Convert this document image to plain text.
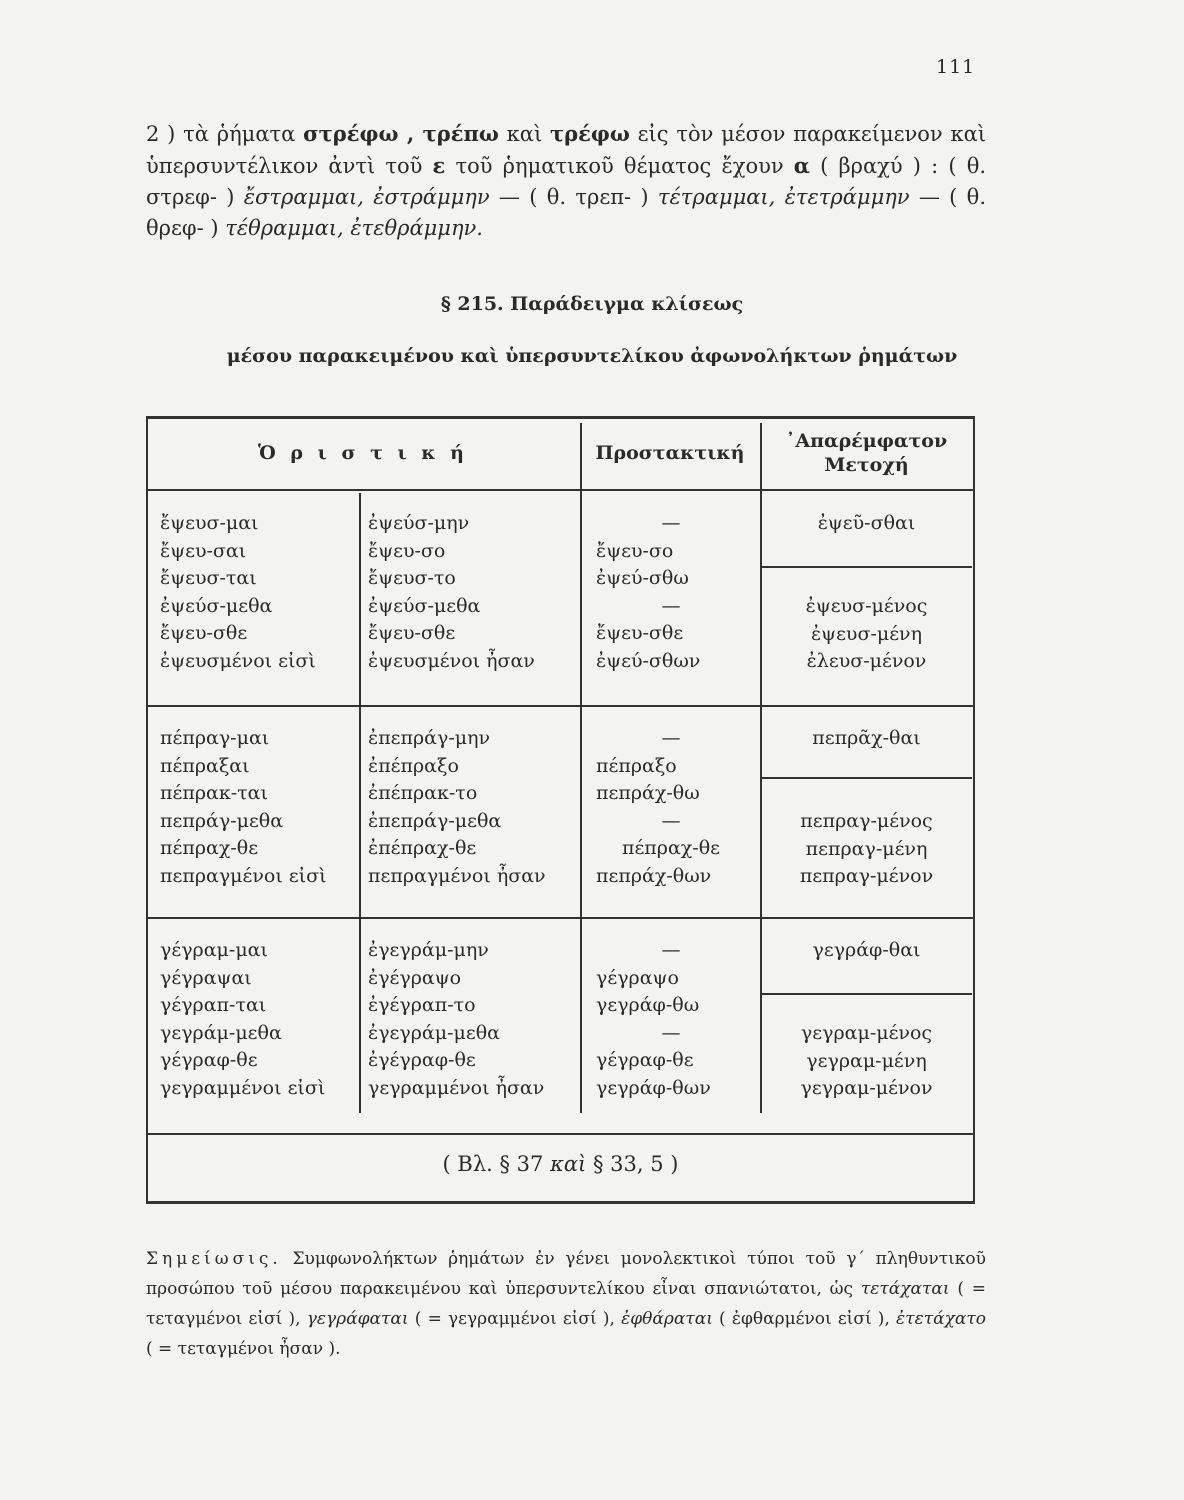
111

2 ) τὰ ῥήματα στρέφω , τρέπω καὶ τρέφω εἰς τὸν μέσον παρακείμενον καὶ ὑπερσυντέλικον ἀντὶ τοῦ ε τοῦ ῥηματικοῦ θέματος ἔχουν α ( βραχύ ) : ( θ. στρεφ- ) ἔστραμμαι, ἐστράμμην — ( θ. τρεπ- ) τέτραμμαι, ἐτετράμμην — ( θ. θρεφ- ) τέθραμμαι, ἐτεθράμμην.

§ 215. Παράδειγμα κλίσεως
μέσου παρακειμένου καὶ ὑπερσυντελίκου ἀφωνολήκτων ῥημάτων
Ὁ ρ ι σ τ ι κ ή	Προστακτική
᾿Απαρέμφατον
Μετοχή
ἔψευσ-μαι
ἔψευ-σαι
ἔψευσ-ται
ἐψεύσ-μεθα
ἔψευ-σθε
ἐψευσμένοι εἰσὶ
ἐψεύσ-μην
ἔψευ-σο
ἔψευσ-το
ἐψεύσ-μεθα
ἔψευ-σθε
ἐψευσμένοι ἦσαν
—
ἔψευ-σο
ἐψεύ-σθω
—
ἔψευ-σθε
ἐψεύ-σθων
ἐψεῦ-σθαι
ἐψευσ-μένος
ἐψευσ-μένη
ἐλευσ-μένον
πέπραγ-μαι
πέπραξαι
πέπρακ-ται
πεπράγ-μεθα
πέπραχ-θε
πεπραγμένοι εἰσὶ
ἐπεπράγ-μην
ἐπέπραξο
ἐπέπρακ-το
ἐπεπράγ-μεθα
ἐπέπραχ-θε
πεπραγμένοι ἦσαν
—
πέπραξο
πεπράχ-θω
—
πέπραχ-θε
πεπράχ-θων
πεπρᾶχ-θαι
πεπραγ-μένος
πεπραγ-μένη
πεπραγ-μένον
γέγραμ-μαι
γέγραψαι
γέγραπ-ται
γεγράμ-μεθα
γέγραφ-θε
γεγραμμένοι εἰσὶ
ἐγεγράμ-μην
ἐγέγραψο
ἐγέγραπ-το
ἐγεγράμ-μεθα
ἐγέγραφ-θε
γεγραμμένοι ἦσαν
—
γέγραψο
γεγράφ-θω
—
γέγραφ-θε
γεγράφ-θων
γεγράφ-θαι
γεγραμ-μένος
γεγραμ-μένη
γεγραμ-μένον
( Βλ. § 37 καὶ § 33, 5 )

Σημείωσις. Συμφωνολήκτων ῥημάτων ἐν γένει μονολεκτικοὶ τύποι τοῦ γ΄ πληθυντικοῦ προσώπου τοῦ μέσου παρακειμένου καὶ ὑπερσυντελίκου εἶναι σπανιώτατοι, ὡς τετάχαται ( = τεταγμένοι εἰσί ), γεγράφαται ( = γεγραμμένοι εἰσί ), ἐφθάραται ( ἐφθαρμένοι εἰσί ), ἐτετάχατο ( = τεταγμένοι ἦσαν ).
